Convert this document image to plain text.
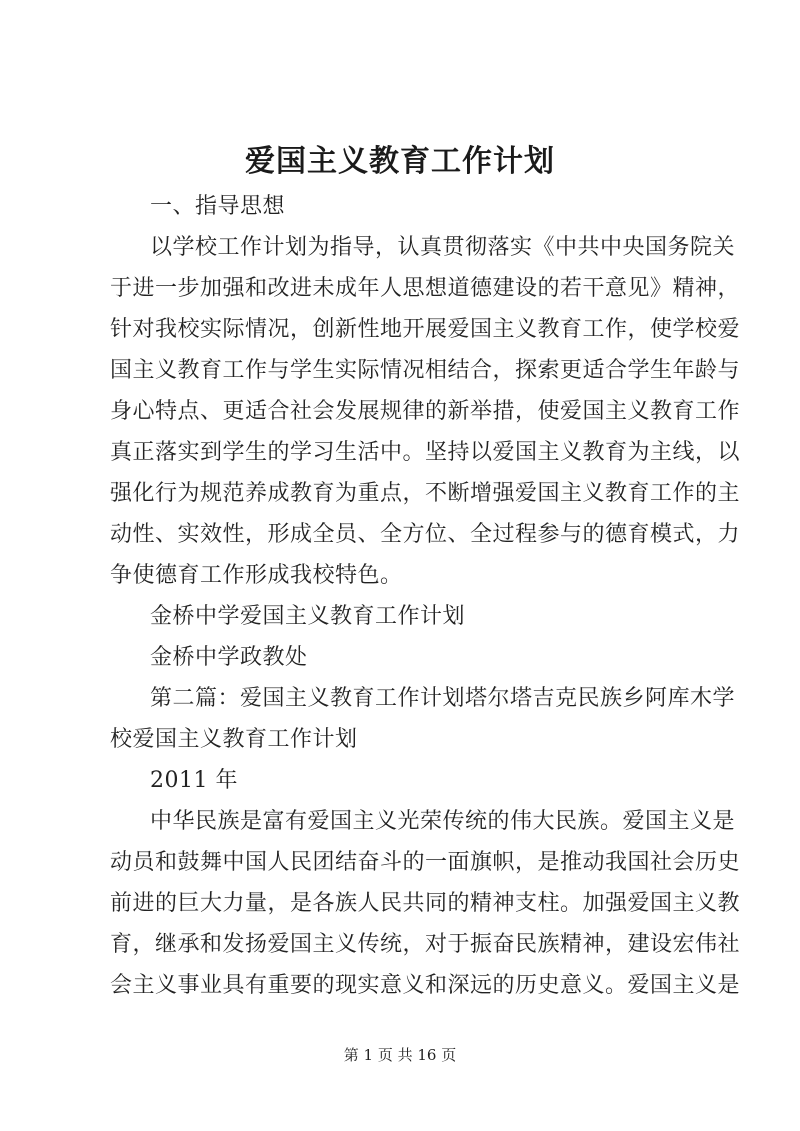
爱国主义教育工作计划
一、指导思想
以学校工作计划为指导，认真贯彻落实《中共中央国务院关
于进一步加强和改进未成年人思想道德建设的若干意见》精神，
针对我校实际情况，创新性地开展爱国主义教育工作，使学校爱
国主义教育工作与学生实际情况相结合，探索更适合学生年龄与
身心特点、更适合社会发展规律的新举措，使爱国主义教育工作
真正落实到学生的学习生活中。坚持以爱国主义教育为主线，以
强化行为规范养成教育为重点，不断增强爱国主义教育工作的主
动性、实效性，形成全员、全方位、全过程参与的德育模式，力
争使德育工作形成我校特色。
金桥中学爱国主义教育工作计划
金桥中学政教处
第二篇：爱国主义教育工作计划塔尔塔吉克民族乡阿库木学
校爱国主义教育工作计划
2011 年
中华民族是富有爱国主义光荣传统的伟大民族。爱国主义是
动员和鼓舞中国人民团结奋斗的一面旗帜，是推动我国社会历史
前进的巨大力量，是各族人民共同的精神支柱。加强爱国主义教
育，继承和发扬爱国主义传统，对于振奋民族精神，建设宏伟社
会主义事业具有重要的现实意义和深远的历史意义。爱国主义是
第 1 页 共 16 页
